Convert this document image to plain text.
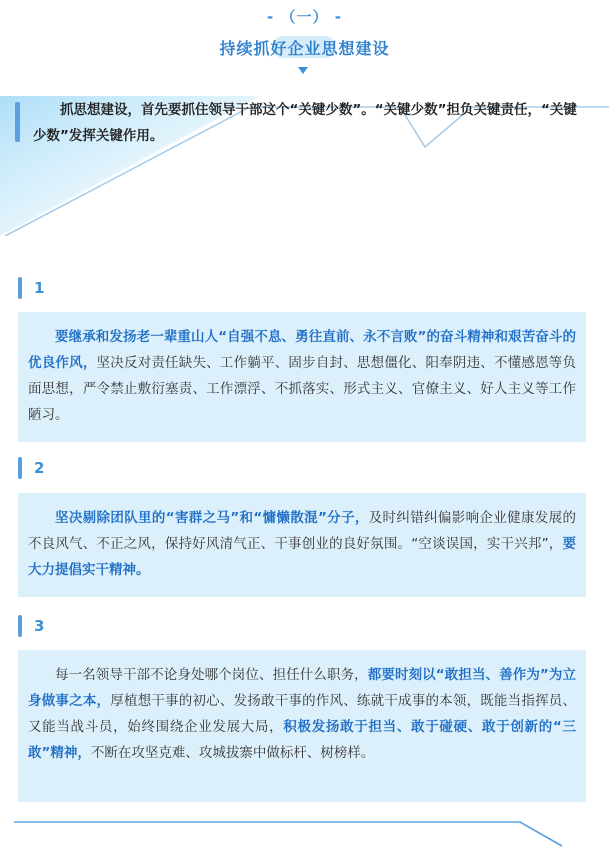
- （一） -
持续抓好企业思想建设
抓思想建设，首先要抓住领导干部这个“关键少数”。“关键少数”担负关键责任，“关键少数”发挥关键作用。
1

要继承和发扬老一辈重山人“自强不息、勇往直前、永不言败”的奋斗精神和艰苦奋斗的优良作风，坚决反对责任缺失、工作躺平、固步自封、思想僵化、阳奉阴违、不懂感恩等负面思想，严令禁止敷衍塞责、工作漂浮、不抓落实、形式主义、官僚主义、好人主义等工作陋习。

2

坚决剔除团队里的“害群之马”和“慵懒散混”分子，及时纠错纠偏影响企业健康发展的不良风气、不正之风，保持好风清气正、干事创业的良好氛围。“空谈误国，实干兴邦”，要大力提倡实干精神。

3

每一名领导干部不论身处哪个岗位、担任什么职务，都要时刻以“敢担当、善作为”为立身做事之本，厚植想干事的初心、发扬敢干事的作风、练就干成事的本领，既能当指挥员、又能当战斗员，始终围绕企业发展大局，积极发扬敢于担当、敢于碰硬、敢于创新的“三敢”精神，不断在攻坚克难、攻城拔寨中做标杆、树榜样。
